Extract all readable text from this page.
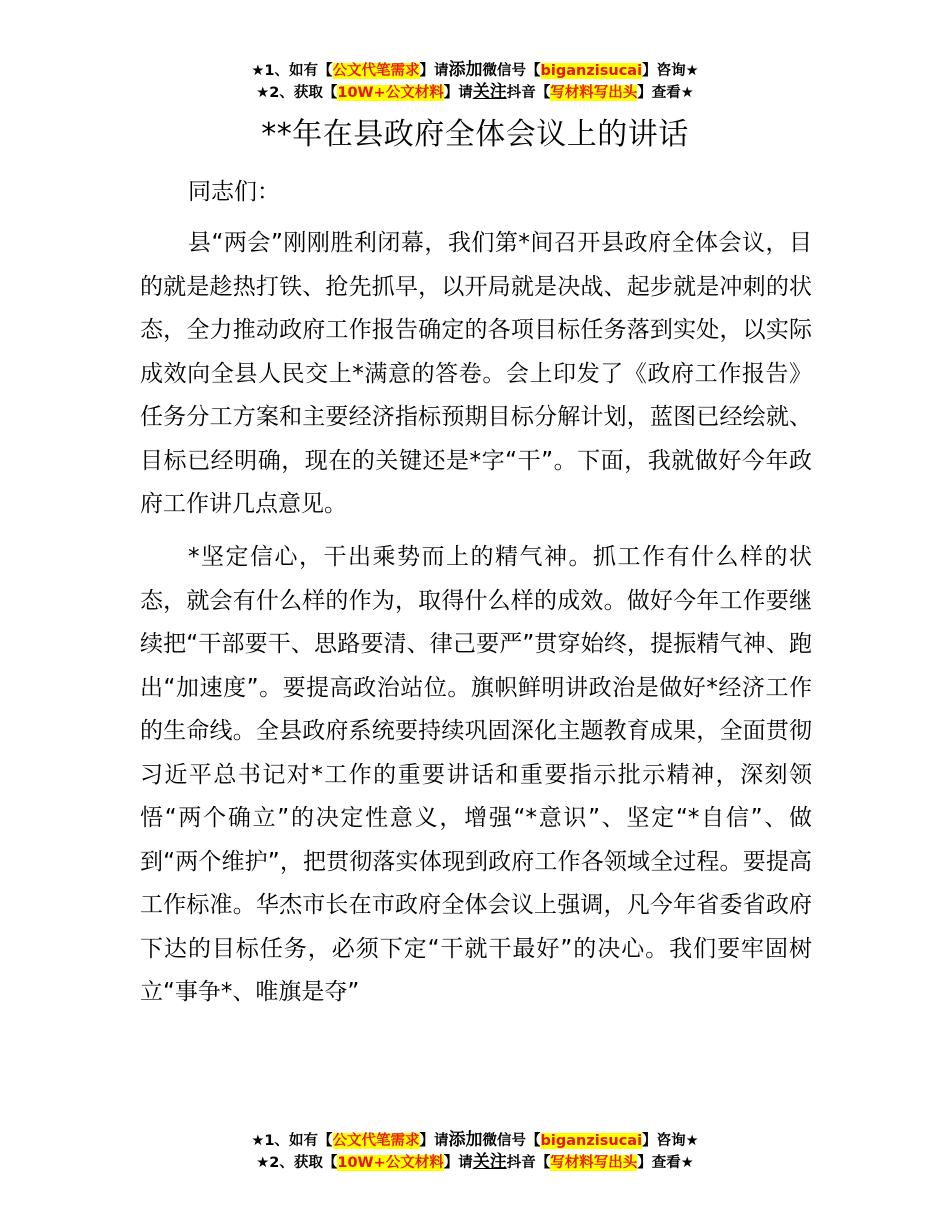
★1、如有【公文代笔需求】请添加微信号【biganzisucai】咨询★
★2、获取【10W+公文材料】请关注抖音【写材料写出头】查看★
**年在县政府全体会议上的讲话

同志们：

县“两会”刚刚胜利闭幕，我们第*间召开县政府全体会议，目的就是趁热打铁、抢先抓早，以开局就是决战、起步就是冲刺的状态，全力推动政府工作报告确定的各项目标任务落到实处，以实际成效向全县人民交上*满意的答卷。会上印发了《政府工作报告》任务分工方案和主要经济指标预期目标分解计划，蓝图已经绘就、目标已经明确，现在的关键还是*字“干”。下面，我就做好今年政府工作讲几点意见。

*坚定信心，干出乘势而上的精气神。抓工作有什么样的状态，就会有什么样的作为，取得什么样的成效。做好今年工作要继续把“干部要干、思路要清、律己要严”贯穿始终，提振精气神、跑出“加速度”。要提高政治站位。旗帜鲜明讲政治是做好*经济工作的生命线。全县政府系统要持续巩固深化主题教育成果，全面贯彻习近平总书记对*工作的重要讲话和重要指示批示精神，深刻领悟“两个确立”的决定性意义，增强“*意识”、坚定“*自信”、做到“两个维护”，把贯彻落实体现到政府工作各领域全过程。要提高工作标准。华杰市长在市政府全体会议上强调，凡今年省委省政府下达的目标任务，必须下定“干就干最好”的决心。我们要牢固树立“事争*、唯旗是夺”

★1、如有【公文代笔需求】请添加微信号【biganzisucai】咨询★
★2、获取【10W+公文材料】请关注抖音【写材料写出头】查看★
